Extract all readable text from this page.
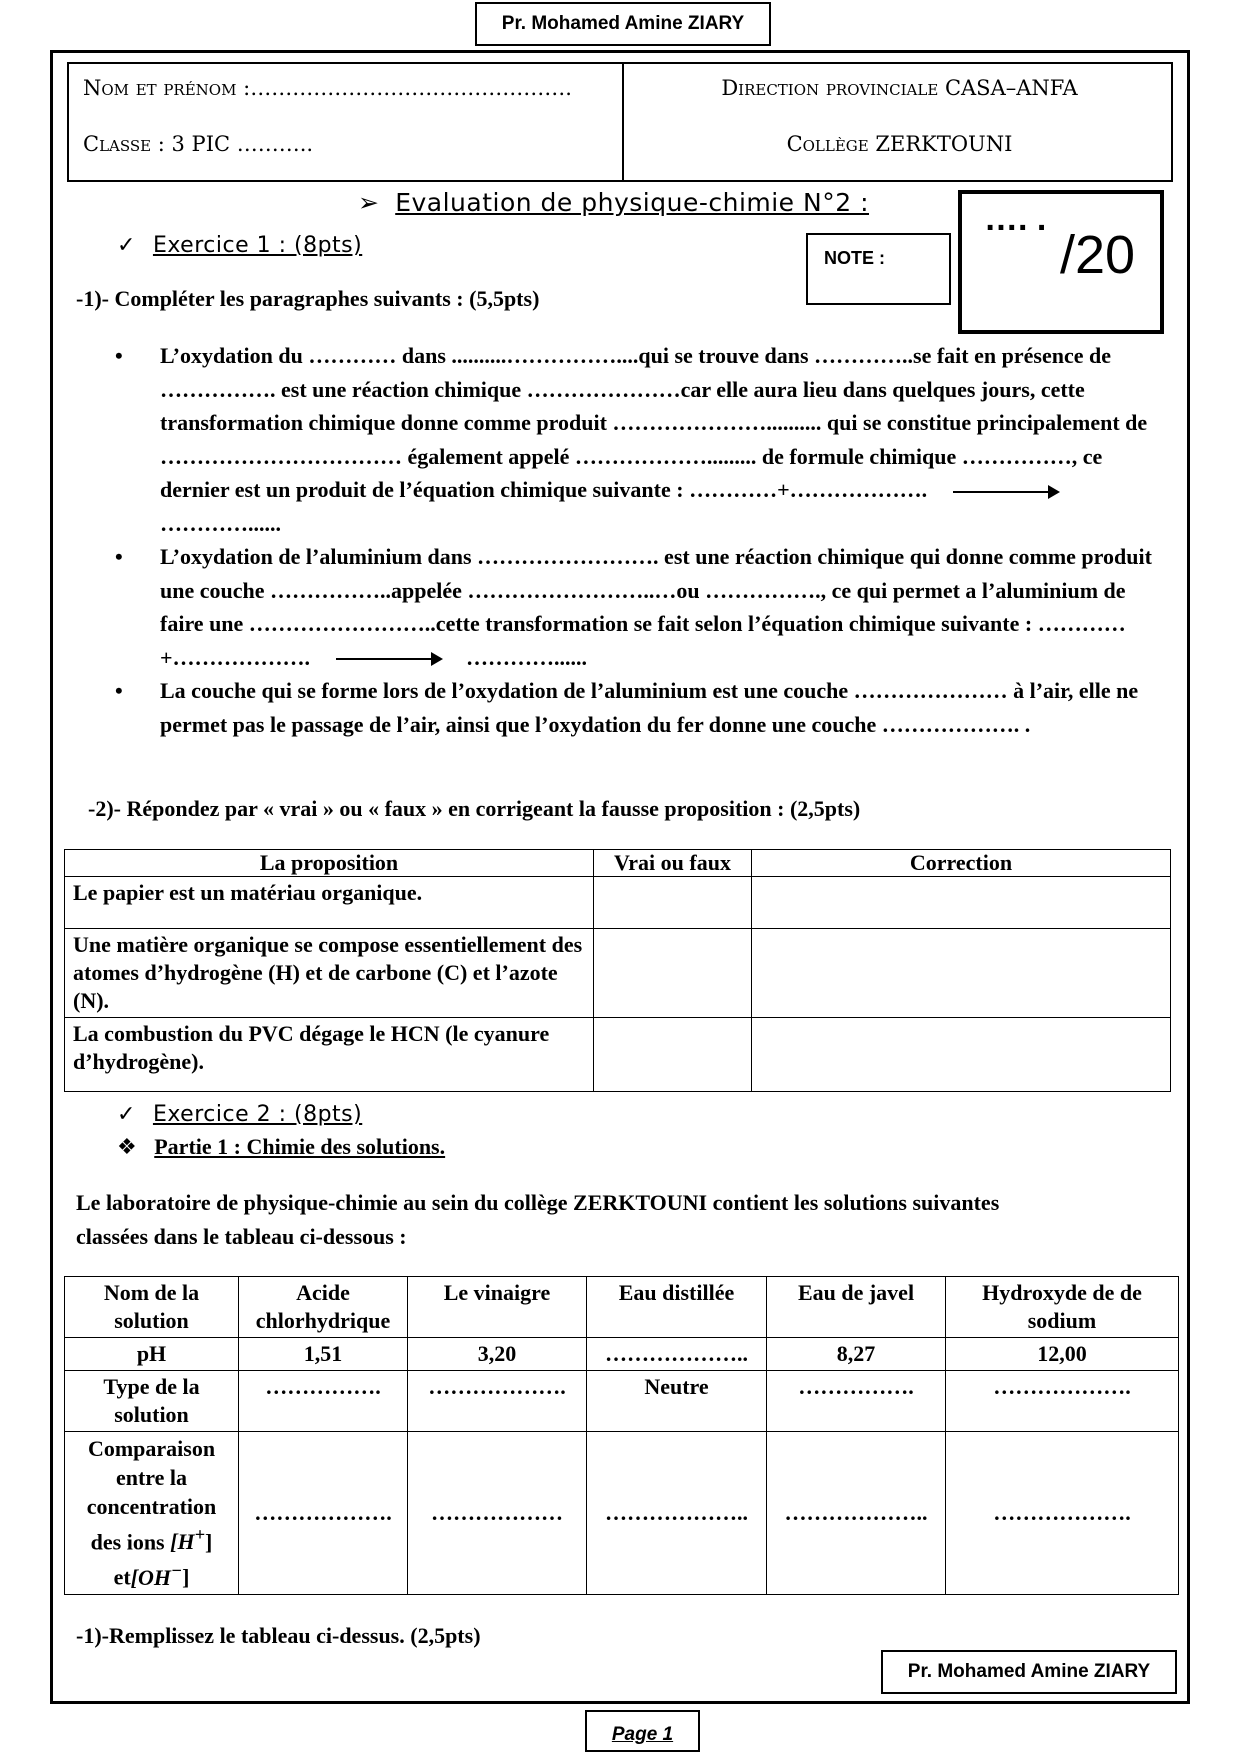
Pr. Mohamed Amine ZIARY
Nom et prénom :……………………………………….
Classe : 3 PIC ………..
Direction provinciale CASA–ANFA
Collège ZERKTOUNI
➢ Evaluation de physique-chimie N°2 :
NOTE :
…. .
/20
✓ Exercice 1 : (8pts)
-1)- Compléter les paragraphes suivants : (5,5pts)
• L’oxydation du ………… dans ..........……………....qui se trouve dans …………..se fait en présence de ……………. est une réaction chimique …………………car elle aura lieu dans quelques jours, cette transformation chimique donne comme produit ………………….......... qui se constitue principalement de …………………………… également appelé ………………......... de formule chimique ……………, ce dernier est un produit de l’équation chimique suivante : …………+……………….  …………......
• L’oxydation de l’aluminium dans ……………………. est une réaction chimique qui donne comme produit une couche ……………..appelée ……………………..…ou ……………., ce qui permet a l’aluminium de faire une ……………………..cette transformation se fait selon l’équation chimique suivante : …………+……………….	…………......
• La couche qui se forme lors de l’oxydation de l’aluminium est une couche ………………… à l’air, elle ne permet pas le passage de l’air, ainsi que l’oxydation du fer donne une couche ………………. .
-2)- Répondez par « vrai » ou « faux » en corrigeant la fausse proposition : (2,5pts)
La proposition	Vrai ou faux	Correction
Le papier est un matériau organique.		
Une matière organique se compose essentiellement des atomes d’hydrogène (H) et de carbone (C) et l’azote (N).		
La combustion du PVC dégage le HCN (le cyanure d’hydrogène).		
✓ Exercice 2 : (8pts)
❖ Partie 1 : Chimie des solutions.
Le laboratoire de physique-chimie au sein du collège ZERKTOUNI contient les solutions suivantes classées dans le tableau ci-dessous :
Nom de la solution	Acide chlorhydrique	Le vinaigre	Eau distillée	Eau de javel	Hydroxyde de de sodium
pH	1,51	3,20	………………..	8,27	12,00
Type de la solution	…………….	……………….	Neutre	…………….	……………….
Comparaison entre la concentration des ions [H+] et[OH−]	……………….	………………	………………..	………………..	……………….
-1)-Remplissez le tableau ci-dessus. (2,5pts)
Pr. Mohamed Amine ZIARY
Page 1
